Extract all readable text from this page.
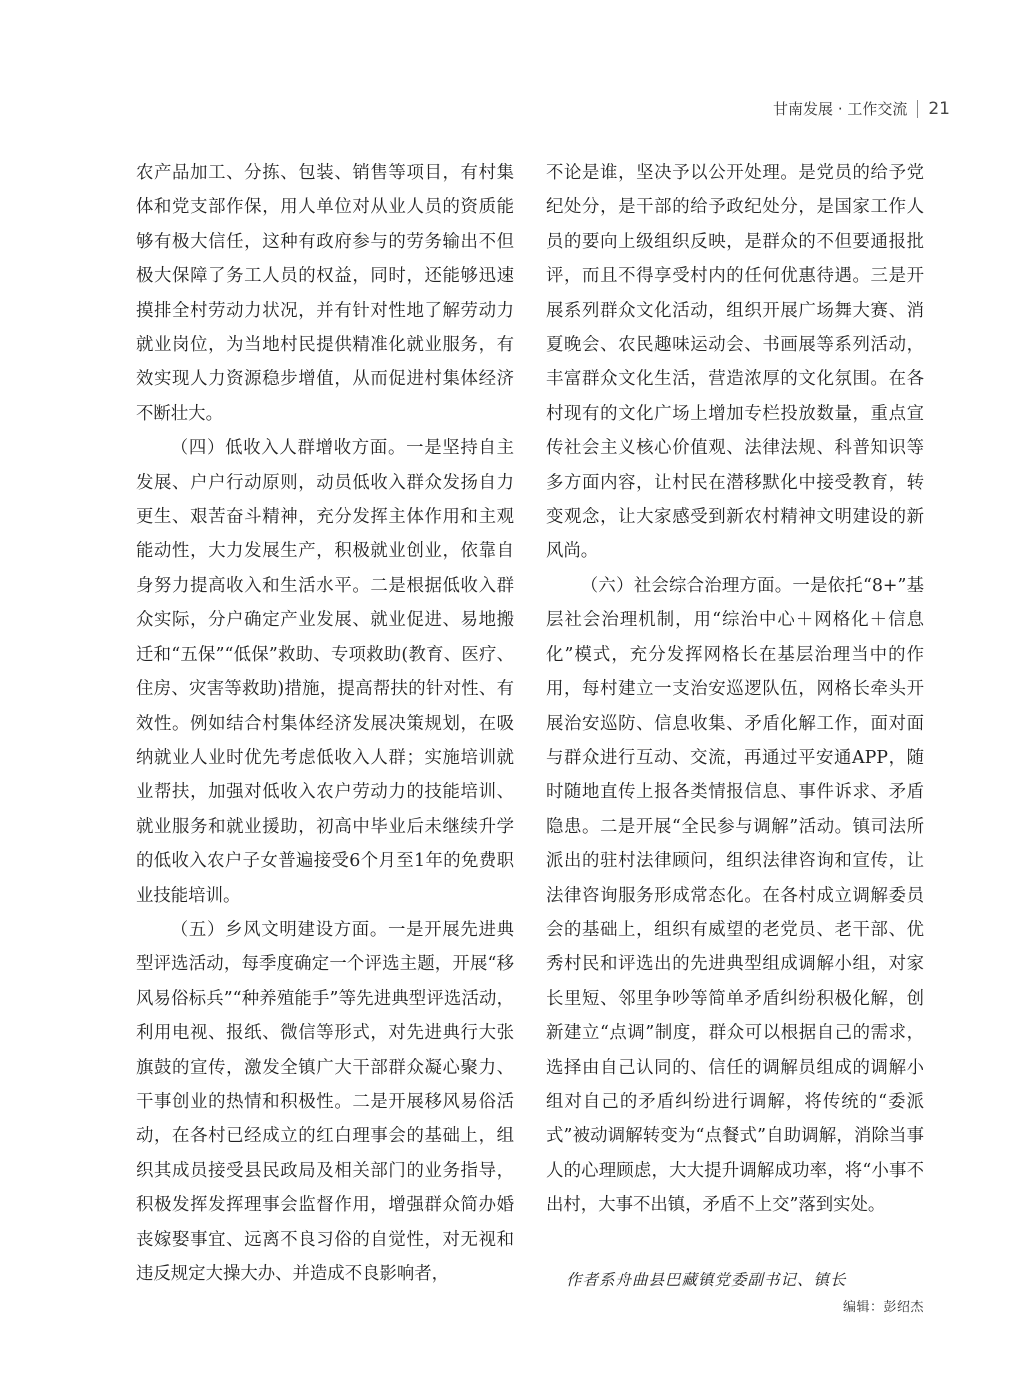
甘南发展 · 工作交流 21

农产品加工、分拣、包装、销售等项目，有村集体和党支部作保，用人单位对从业人员的资质能够有极大信任，这种有政府参与的劳务输出不但极大保障了务工人员的权益，同时，还能够迅速摸排全村劳动力状况，并有针对性地了解劳动力就业岗位，为当地村民提供精准化就业服务，有效实现人力资源稳步增值，从而促进村集体经济不断壮大。

（四）低收入人群增收方面。一是坚持自主发展、户户行动原则，动员低收入群众发扬自力更生、艰苦奋斗精神，充分发挥主体作用和主观能动性，大力发展生产，积极就业创业，依靠自身努力提高收入和生活水平。二是根据低收入群众实际，分户确定产业发展、就业促进、易地搬迁和“五保”“低保”救助、专项救助(教育、医疗、住房、灾害等救助)措施，提高帮扶的针对性、有效性。例如结合村集体经济发展决策规划，在吸纳就业人业时优先考虑低收入人群；实施培训就业帮扶，加强对低收入农户劳动力的技能培训、就业服务和就业援助，初高中毕业后未继续升学的低收入农户子女普遍接受6个月至1年的免费职业技能培训。

（五）乡风文明建设方面。一是开展先进典型评选活动，每季度确定一个评选主题，开展“移风易俗标兵”“种养殖能手”等先进典型评选活动，利用电视、报纸、微信等形式，对先进典行大张旗鼓的宣传，激发全镇广大干部群众凝心聚力、干事创业的热情和积极性。二是开展移风易俗活动，在各村已经成立的红白理事会的基础上，组织其成员接受县民政局及相关部门的业务指导，积极发挥发挥理事会监督作用，增强群众简办婚丧嫁娶事宜、远离不良习俗的自觉性，对无视和违反规定大操大办、并造成不良影响者，

不论是谁，坚决予以公开处理。是党员的给予党纪处分，是干部的给予政纪处分，是国家工作人员的要向上级组织反映，是群众的不但要通报批评，而且不得享受村内的任何优惠待遇。三是开展系列群众文化活动，组织开展广场舞大赛、消夏晚会、农民趣味运动会、书画展等系列活动，丰富群众文化生活，营造浓厚的文化氛围。在各村现有的文化广场上增加专栏投放数量，重点宣传社会主义核心价值观、法律法规、科普知识等多方面内容，让村民在潜移默化中接受教育，转变观念，让大家感受到新农村精神文明建设的新风尚。

（六）社会综合治理方面。一是依托“8+”基层社会治理机制，用“综治中心＋网格化＋信息化”模式，充分发挥网格长在基层治理当中的作用，每村建立一支治安巡逻队伍，网格长牵头开展治安巡防、信息收集、矛盾化解工作，面对面与群众进行互动、交流，再通过平安通APP，随时随地直传上报各类情报信息、事件诉求、矛盾隐患。二是开展“全民参与调解”活动。镇司法所派出的驻村法律顾问，组织法律咨询和宣传，让法律咨询服务形成常态化。在各村成立调解委员会的基础上，组织有威望的老党员、老干部、优秀村民和评选出的先进典型组成调解小组，对家长里短、邻里争吵等简单矛盾纠纷积极化解，创新建立“点调”制度，群众可以根据自己的需求，选择由自己认同的、信任的调解员组成的调解小组对自己的矛盾纠纷进行调解，将传统的“委派式”被动调解转变为“点餐式”自助调解，消除当事人的心理顾虑，大大提升调解成功率，将“小事不出村，大事不出镇，矛盾不上交”落到实处。

作者系舟曲县巴藏镇党委副书记、镇长
编辑：彭绍杰
